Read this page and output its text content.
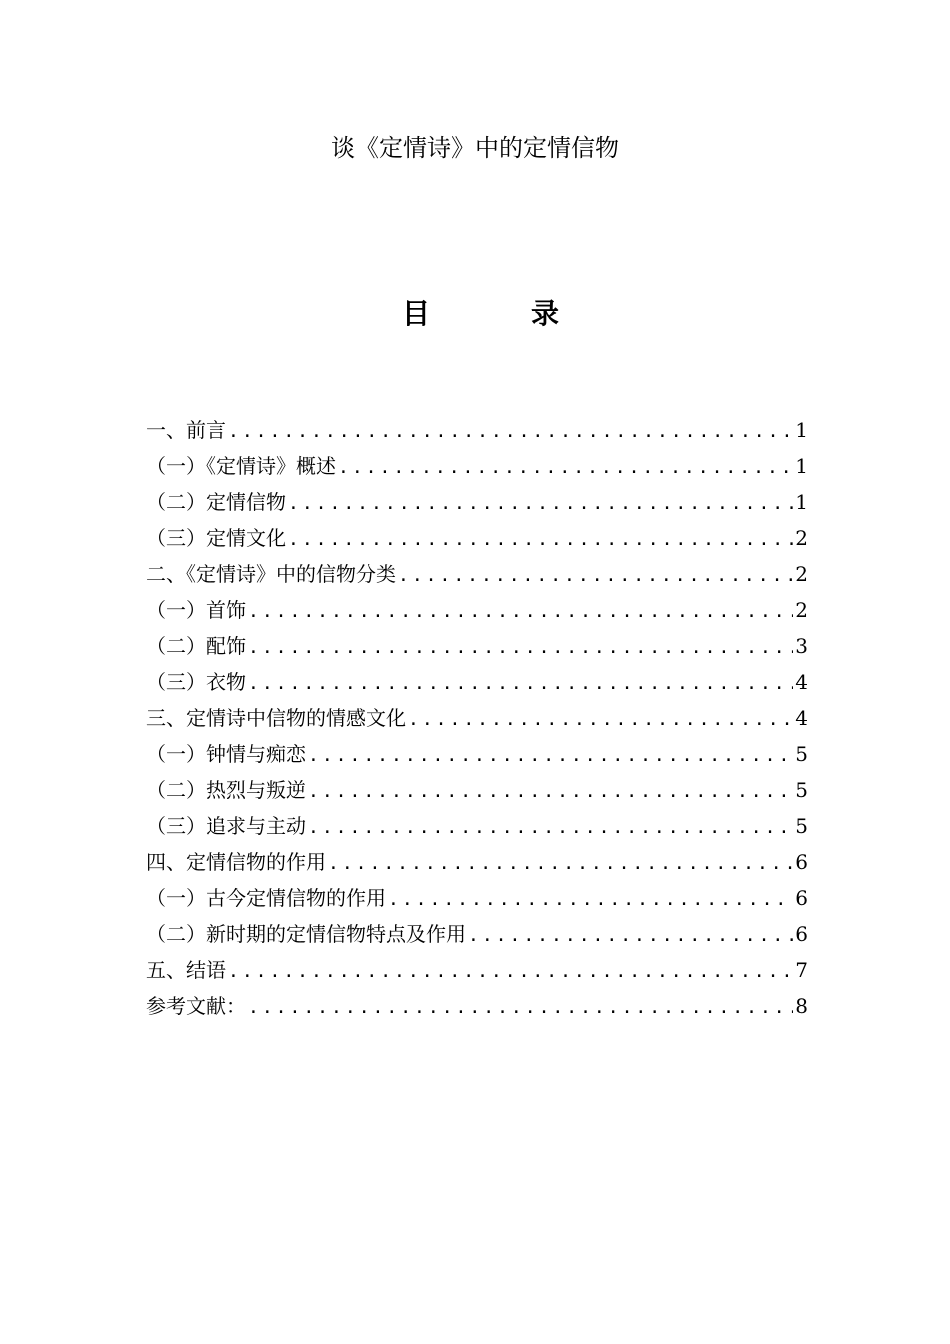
谈《定情诗》中的定情信物
目	录
一、前言 .....	1
（一）《定情诗》概述 .....	1
（二）定情信物 .....	1
（三）定情文化 .....	2
二、《定情诗》中的信物分类 .....	2
（一）首饰 .....	2
（二）配饰 .....	3
（三）衣物 .....	4
三、定情诗中信物的情感文化 .....	4
（一）钟情与痴恋 .....	5
（二）热烈与叛逆 .....	5
（三）追求与主动 .....	5
四、定情信物的作用 .....	6
（一）古今定情信物的作用 .....	6
（二）新时期的定情信物特点及作用 .....	6
五、结语 .....	7
参考文献： .....	8
